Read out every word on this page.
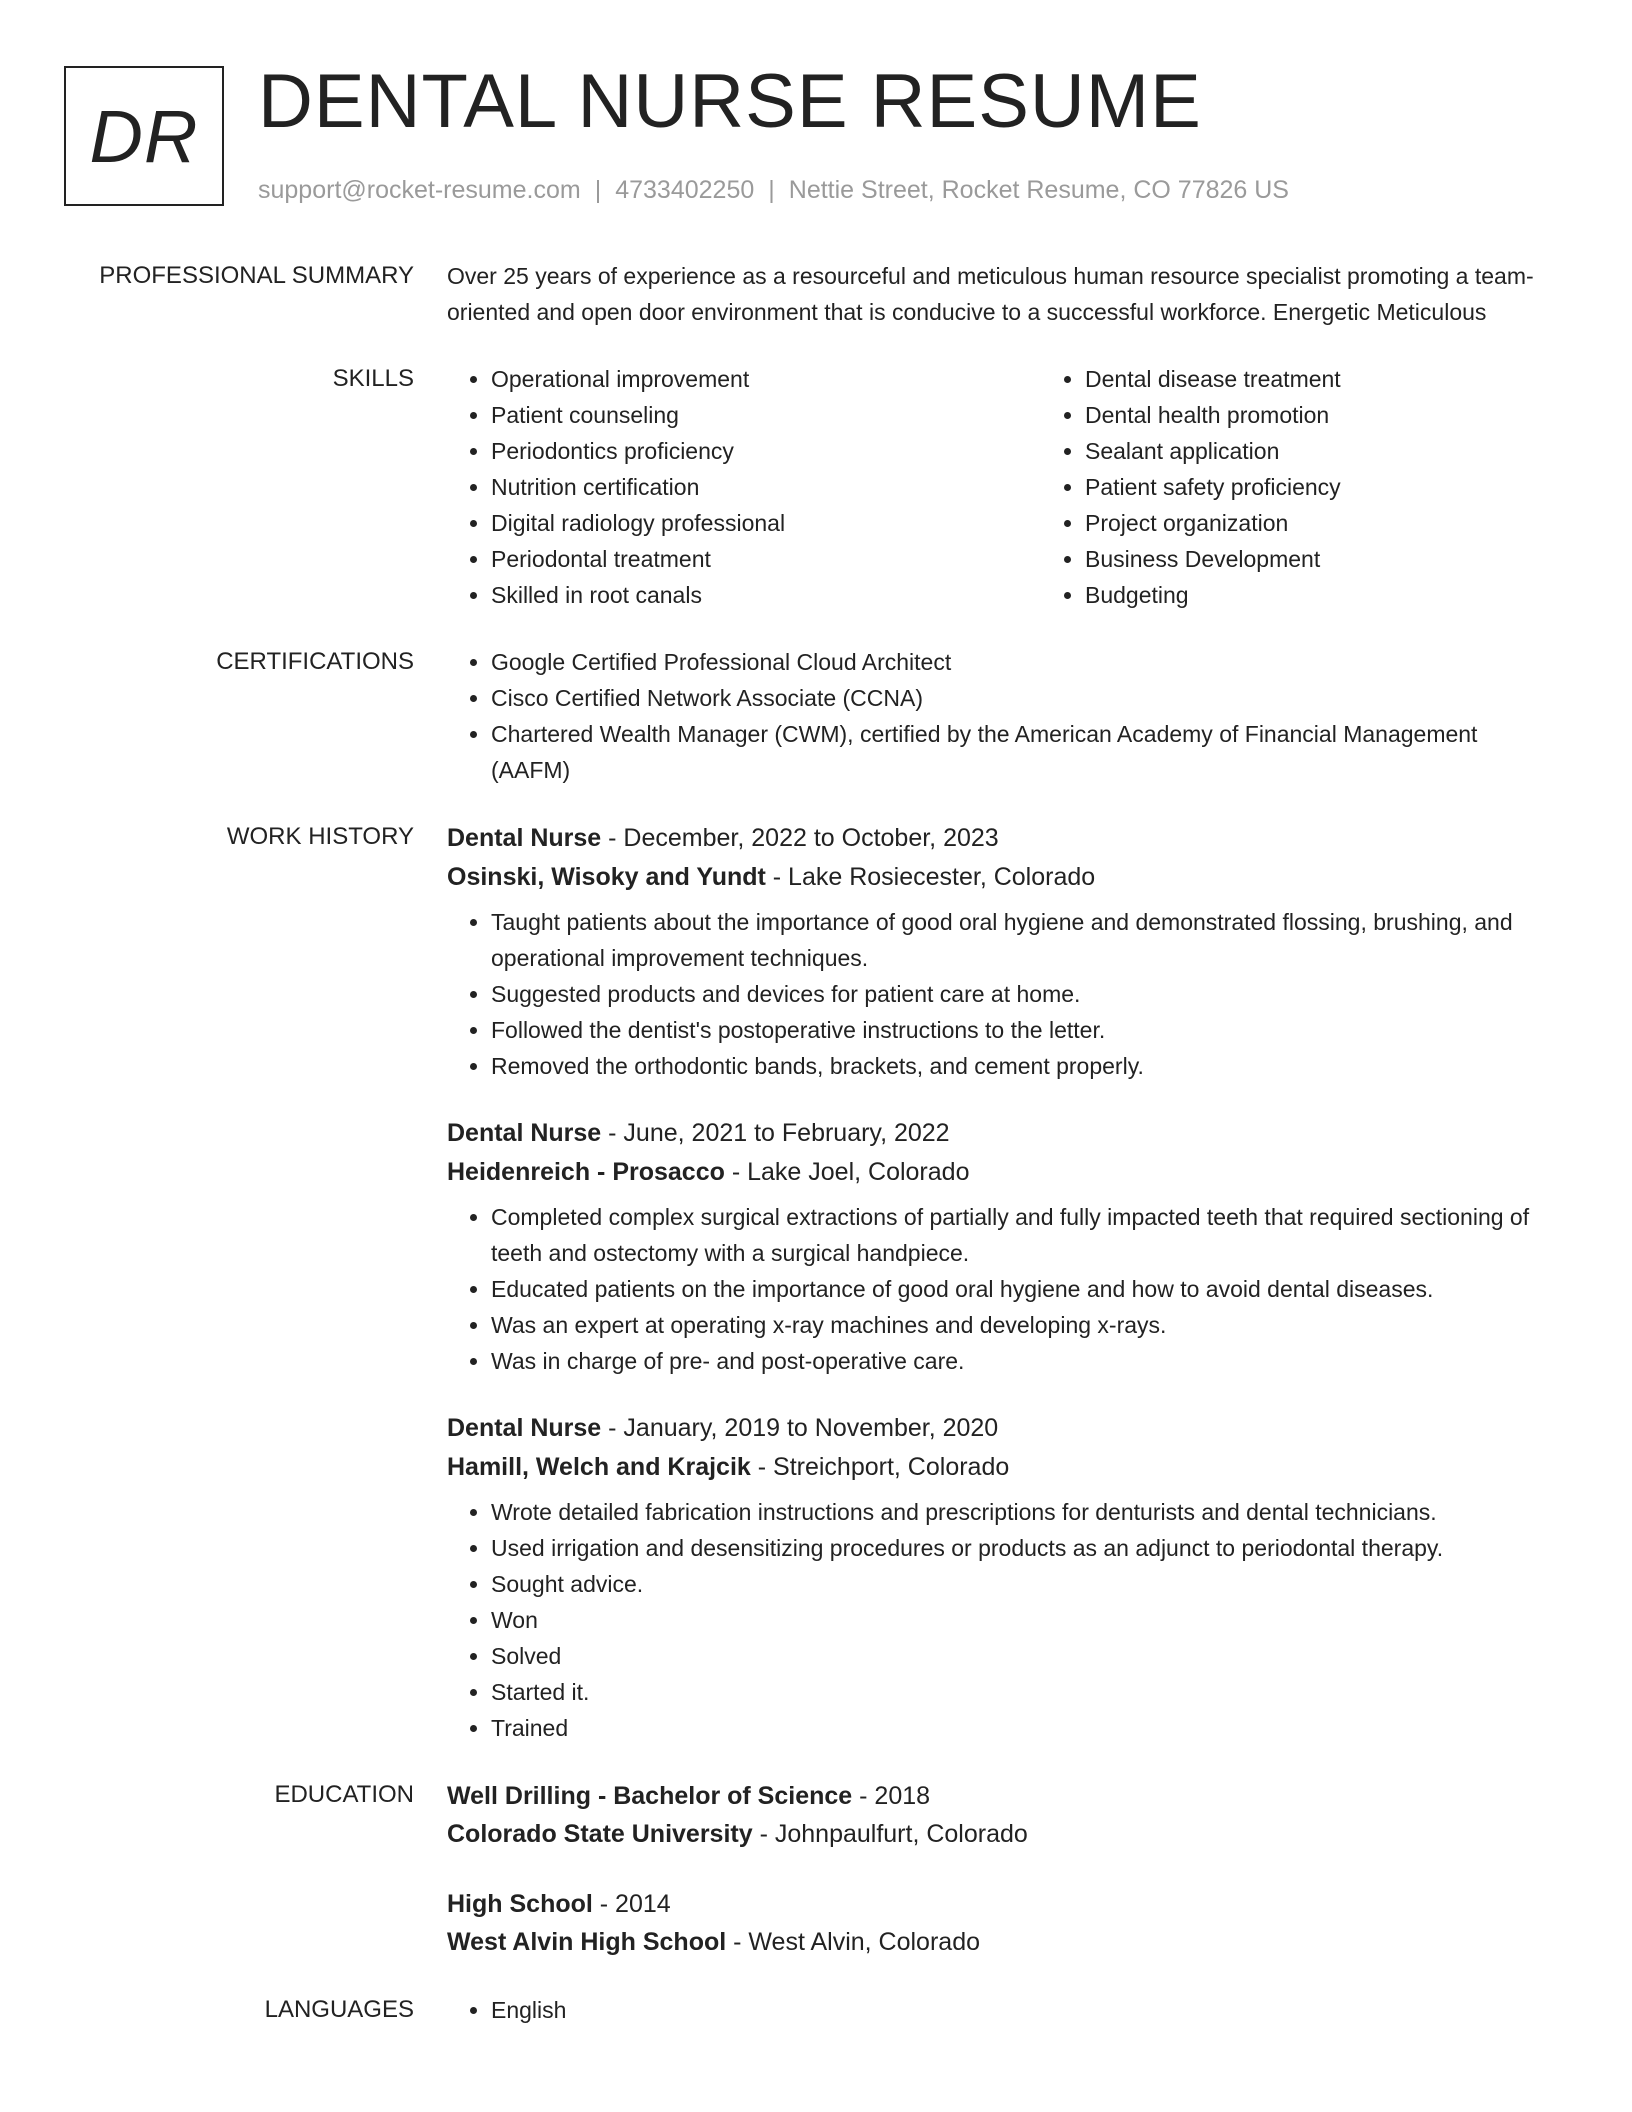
DR DENTAL NURSE RESUME
support@rocket-resume.com | 4733402250 | Nettie Street, Rocket Resume, CO 77826 US
PROFESSIONAL SUMMARY Over 25 years of experience as a resourceful and meticulous human resource specialist promoting a team-oriented and open door environment that is conducive to a successful workforce. Energetic Meticulous

SKILLS	• Operational improvement
• Patient counseling
• Periodontics proficiency
• Nutrition certification
• Digital radiology professional
• Periodontal treatment
• Skilled in root canals
• Dental disease treatment
• Dental health promotion
• Sealant application
• Patient safety proficiency
• Project organization
• Business Development
• Budgeting
CERTIFICATIONS	• Google Certified Professional Cloud Architect
• Cisco Certified Network Associate (CCNA)
• Chartered Wealth Manager (CWM), certified by the American Academy of Financial Management (AAFM)
WORK HISTORY Dental Nurse - December, 2022 to October, 2023
Osinski, Wisoky and Yundt - Lake Rosiecester, Colorado
• Taught patients about the importance of good oral hygiene and demonstrated flossing, brushing, and operational improvement techniques.
• Suggested products and devices for patient care at home.
• Followed the dentist's postoperative instructions to the letter.
• Removed the orthodontic bands, brackets, and cement properly.
Dental Nurse - June, 2021 to February, 2022
Heidenreich - Prosacco - Lake Joel, Colorado
• Completed complex surgical extractions of partially and fully impacted teeth that required sectioning of teeth and ostectomy with a surgical handpiece.
• Educated patients on the importance of good oral hygiene and how to avoid dental diseases.
• Was an expert at operating x-ray machines and developing x-rays.
• Was in charge of pre- and post-operative care.
Dental Nurse - January, 2019 to November, 2020
Hamill, Welch and Krajcik - Streichport, Colorado
• Wrote detailed fabrication instructions and prescriptions for denturists and dental technicians.
• Used irrigation and desensitizing procedures or products as an adjunct to periodontal therapy.
• Sought advice.
• Won
• Solved
• Started it.
• Trained
EDUCATION Well Drilling - Bachelor of Science - 2018
Colorado State University - Johnpaulfurt, Colorado
High School - 2014
West Alvin High School - West Alvin, Colorado
LANGUAGES	• English
